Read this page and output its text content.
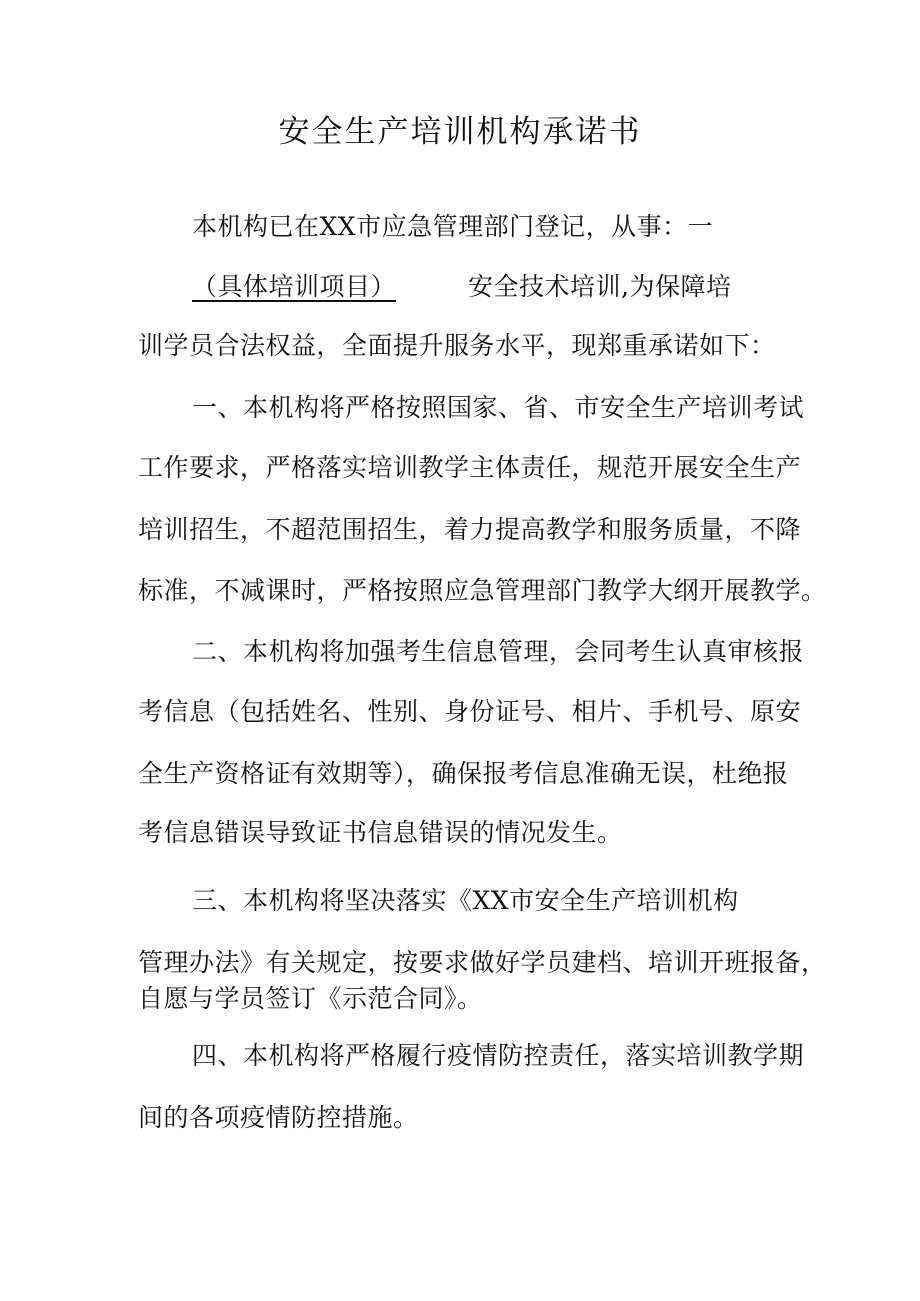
安全生产培训机构承诺书
本机构已在XX市应急管理部门登记，从事：一
（具体培训项目）	安全技术培训,为保障培
训学员合法权益，全面提升服务水平，现郑重承诺如下：
一、本机构将严格按照国家、省、市安全生产培训考试
工作要求，严格落实培训教学主体责任，规范开展安全生产
培训招生，不超范围招生，着力提高教学和服务质量，不降
标准，不减课时，严格按照应急管理部门教学大纲开展教学。
二、本机构将加强考生信息管理，会同考生认真审核报
考信息（包括姓名、性别、身份证号、相片、手机号、原安
全生产资格证有效期等），确保报考信息准确无误，杜绝报
考信息错误导致证书信息错误的情况发生。
三、本机构将坚决落实《XX市安全生产培训机构
管理办法》有关规定，按要求做好学员建档、培训开班报备，
自愿与学员签订《示范合同》。
四、本机构将严格履行疫情防控责任，落实培训教学期
间的各项疫情防控措施。
